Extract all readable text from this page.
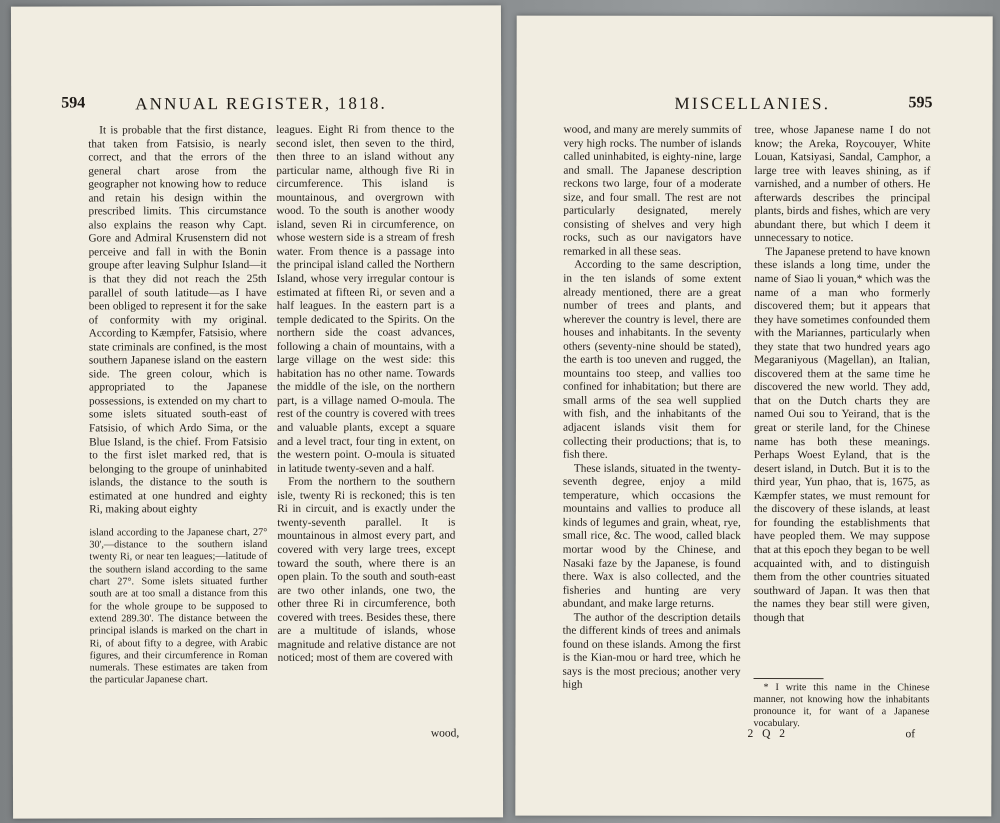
594	ANNUAL REGISTER, 1818.

It is probable that the first distance, that taken from Fatsisio, is nearly correct, and that the errors of the general chart arose from the geographer not knowing how to reduce and retain his design within the prescribed limits. This circumstance also explains the reason why Capt. Gore and Admiral Krusenstern did not perceive and fall in with the Bonin groupe after leaving Sulphur Island—it is that they did not reach the 25th parallel of south latitude—as I have been obliged to represent it for the sake of conformity with my original. According to Kæmpfer, Fatsisio, where state criminals are confined, is the most southern Japanese island on the eastern side. The green colour, which is appropriated to the Japanese possessions, is extended on my chart to some islets situated south-east of Fatsisio, of which Ardo Sima, or the Blue Island, is the chief. From Fatsisio to the first islet marked red, that is belonging to the groupe of uninhabited islands, the distance to the south is estimated at one hundred and eighty Ri, making about eighty

island according to the Japanese chart, 27° 30',—distance to the southern island twenty Ri, or near ten leagues;—latitude of the southern island according to the same chart 27°. Some islets situated further south are at too small a distance from this for the whole groupe to be supposed to extend 289.30'. The distance between the principal islands is marked on the chart in Ri, of about fifty to a degree, with Arabic figures, and their circumference in Roman numerals. These estimates are taken from the particular Japanese chart.

leagues. Eight Ri from thence to the second islet, then seven to the third, then three to an island without any particular name, although five Ri in circumference. This island is mountainous, and overgrown with wood. To the south is another woody island, seven Ri in circumference, on whose western side is a stream of fresh water. From thence is a passage into the principal island called the Northern Island, whose very irregular contour is estimated at fifteen Ri, or seven and a half leagues. In the eastern part is a temple dedicated to the Spirits. On the northern side the coast advances, following a chain of mountains, with a large village on the west side: this habitation has no other name. Towards the middle of the isle, on the northern part, is a village named O-moula. The rest of the country is covered with trees and valuable plants, except a square and a level tract, four ting in extent, on the western point. O-moula is situated in latitude twenty-seven and a half.

From the northern to the southern isle, twenty Ri is reckoned; this is ten Ri in circuit, and is exactly under the twenty-seventh parallel. It is mountainous in almost every part, and covered with very large trees, except toward the south, where there is an open plain. To the south and south-east are two other inlands, one two, the other three Ri in circumference, both covered with trees. Besides these, there are a multitude of islands, whose magnitude and relative distance are not noticed; most of them are covered with

wood,
MISCELLANIES.	595

wood, and many are merely summits of very high rocks. The number of islands called uninhabited, is eighty-nine, large and small. The Japanese description reckons two large, four of a moderate size, and four small. The rest are not particularly designated, merely consisting of shelves and very high rocks, such as our navigators have remarked in all these seas.

According to the same description, in the ten islands of some extent already mentioned, there are a great number of trees and plants, and wherever the country is level, there are houses and inhabitants. In the seventy others (seventy-nine should be stated), the earth is too uneven and rugged, the mountains too steep, and vallies too confined for inhabitation; but there are small arms of the sea well supplied with fish, and the inhabitants of the adjacent islands visit them for collecting their productions; that is, to fish there.

These islands, situated in the twenty-seventh degree, enjoy a mild temperature, which occasions the mountains and vallies to produce all kinds of legumes and grain, wheat, rye, small rice, &c. The wood, called black mortar wood by the Chinese, and Nasaki faze by the Japanese, is found there. Wax is also collected, and the fisheries and hunting are very abundant, and make large returns.

The author of the description details the different kinds of trees and animals found on these islands. Among the first is the Kian-mou or hard tree, which he says is the most precious; another very high

tree, whose Japanese name I do not know; the Areka, Roycouyer, White Louan, Katsiyasi, Sandal, Camphor, a large tree with leaves shining, as if varnished, and a number of others. He afterwards describes the principal plants, birds and fishes, which are very abundant there, but which I deem it unnecessary to notice.

The Japanese pretend to have known these islands a long time, under the name of Siao li youan,* which was the name of a man who formerly discovered them; but it appears that they have sometimes confounded them with the Mariannes, particularly when they state that two hundred years ago Megaraniyous (Magellan), an Italian, discovered them at the same time he discovered the new world. They add, that on the Dutch charts they are named Oui sou to Yeirand, that is the great or sterile land, for the Chinese name has both these meanings. Perhaps Woest Eyland, that is the desert island, in Dutch. But it is to the third year, Yun phao, that is, 1675, as Kæmpfer states, we must remount for the discovery of these islands, at least for founding the establishments that have peopled them. We may suppose that at this epoch they began to be well acquainted with, and to distinguish them from the other countries situated southward of Japan. It was then that the names they bear still were given, though that

* I write this name in the Chinese manner, not knowing how the inhabitants pronounce it, for want of a Japanese vocabulary.

2 Q 2	of
